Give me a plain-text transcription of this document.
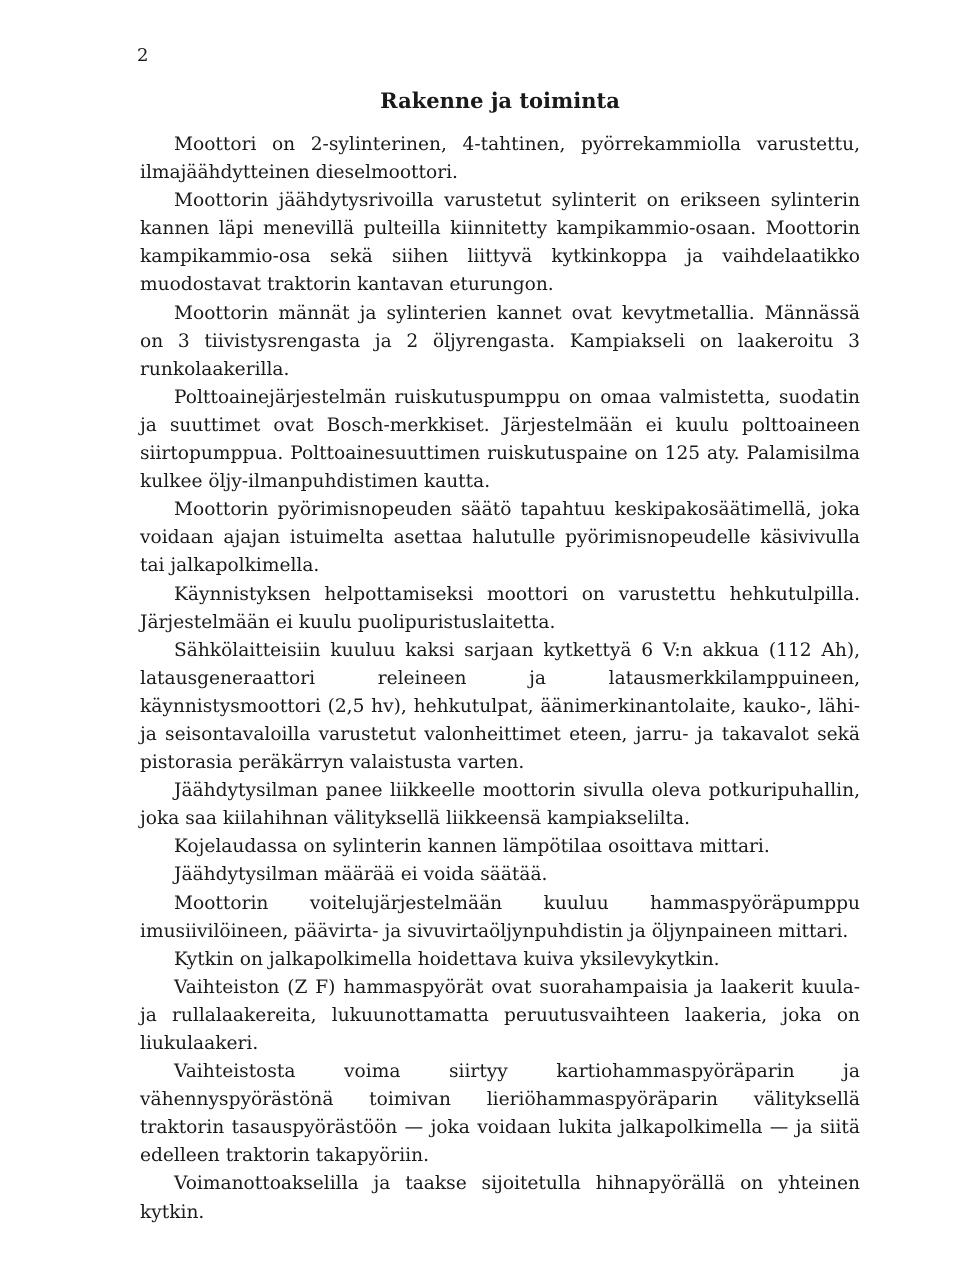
2
Rakenne ja toiminta

Moottori on 2-sylinterinen, 4-tahtinen, pyörrekammiolla varustettu, ilmajäähdytteinen dieselmoottori.

Moottorin jäähdytysrivoilla varustetut sylinterit on erikseen sylinterin kannen läpi menevillä pulteilla kiinnitetty kampikammio-osaan. Moottorin kampikammio-osa sekä siihen liittyvä kytkinkoppa ja vaihdelaatikko muodostavat traktorin kantavan eturungon.

Moottorin männät ja sylinterien kannet ovat kevytmetallia. Männässä on 3 tiivistysrengasta ja 2 öljyrengasta. Kampiakseli on laakeroitu 3 runkolaakerilla.

Polttoainejärjestelmän ruiskutuspumppu on omaa valmistetta, suodatin ja suuttimet ovat Bosch-merkkiset. Järjestelmään ei kuulu polttoaineen siirtopumppua. Polttoainesuuttimen ruiskutuspaine on 125 aty. Palamisilma kulkee öljy-ilmanpuhdistimen kautta.

Moottorin pyörimisnopeuden säätö tapahtuu keskipakosäätimellä, joka voidaan ajajan istuimelta asettaa halutulle pyörimisnopeudelle käsivivulla tai jalkapolkimella.

Käynnistyksen helpottamiseksi moottori on varustettu hehkutulpilla. Järjestelmään ei kuulu puolipuristuslaitetta.

Sähkölaitteisiin kuuluu kaksi sarjaan kytkettyä 6 V:n akkua (112 Ah), latausgeneraattori releineen ja latausmerkkilamppuineen, käynnistysmoottori (2,5 hv), hehkutulpat, äänimerkinantolaite, kauko-, lähi- ja seisontavaloilla varustetut valonheittimet eteen, jarru- ja takavalot sekä pistorasia peräkärryn valaistusta varten.

Jäähdytysilman panee liikkeelle moottorin sivulla oleva potkuripuhallin, joka saa kiilahihnan välityksellä liikkeensä kampiakselilta.

Kojelaudassa on sylinterin kannen lämpötilaa osoittava mittari.

Jäähdytysilman määrää ei voida säätää.

Moottorin voitelujärjestelmään kuuluu hammaspyöräpumppu imusiivilöineen, päävirta- ja sivuvirtaöljynpuhdistin ja öljynpaineen mittari.

Kytkin on jalkapolkimella hoidettava kuiva yksilevykytkin.

Vaihteiston (Z F) hammaspyörät ovat suorahampaisia ja laakerit kuula- ja rullalaakereita, lukuunottamatta peruutusvaihteen laakeria, joka on liukulaakeri.

Vaihteistosta voima siirtyy kartiohammaspyöräparin ja vähennyspyörästönä toimivan lieriöhammaspyöräparin välityksellä traktorin tasauspyörästöön — joka voidaan lukita jalkapolkimella — ja siitä edelleen traktorin takapyöriin.

Voimanottoakselilla ja taakse sijoitetulla hihnapyörällä on yhteinen kytkin.
